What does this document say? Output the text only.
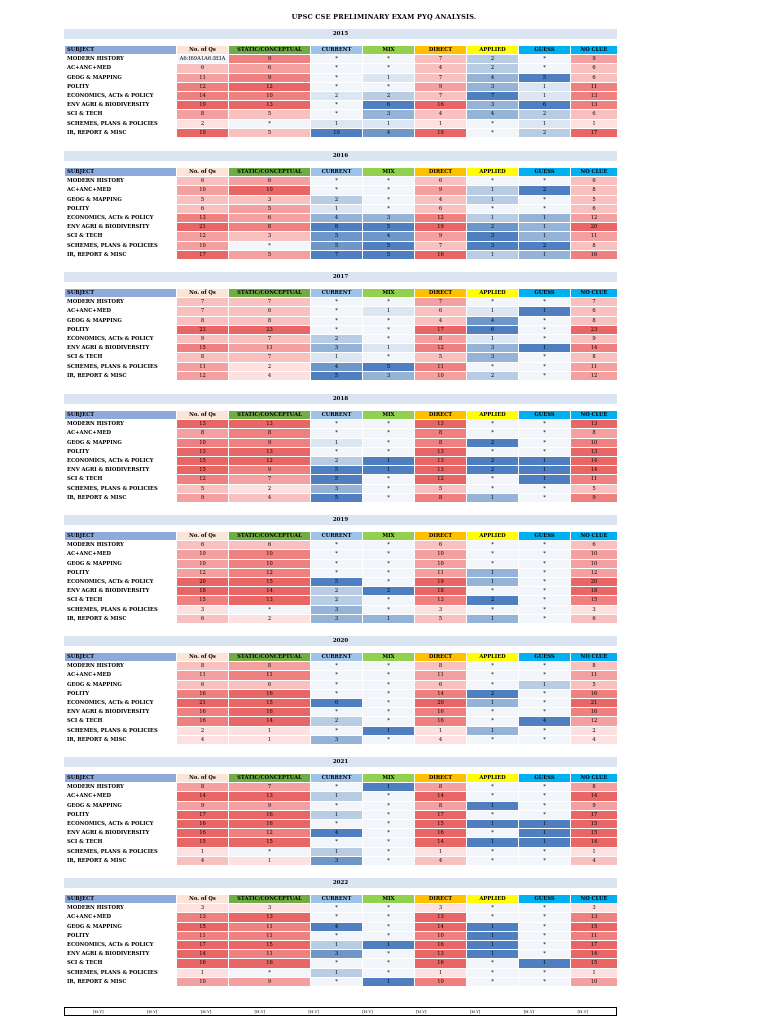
UPSC CSE PRELIMINARY EXAM PYQ ANALYSIS.
2015
SUBJECT	No. of Qs	STATIC/CONCEPTUAL	CURRENT	MIX	DIRECT	APPLIED	GUESS	NO CLUE
MODERN HISTORY	A6:I69A1A6:I83A	9	*	*	7	2	*	9
AC+ANC+MED	6	6	*	*	4	2	*	6
GEOG & MAPPING	11	9	*	1	7	4	5	6
POLITY	12	12	*	*	9	3	1	11
ECONOMICS, ACTs & POLICY	14	10	2	2	7	7	1	13
ENV AGRI & BIODIVERSITY	19	13	*	6	16	3	6	13
SCI & TECH	8	5	*	3	4	4	2	6
SCHEMES, PLANS & POLICIES	2	*	1	1	1	*	1	1
IR, REPORT & MISC	19	5	10	4	19	*	2	17
2016
SUBJECT	No. of Qs	STATIC/CONCEPTUAL	CURRENT	MIX	DIRECT	APPLIED	GUESS	NO CLUE
MODERN HISTORY	6	6	*	*	6	*	*	6
AC+ANC+MED	10	10	*	*	9	1	2	8
GEOG & MAPPING	5	3	2	*	4	1	*	5
POLITY	6	5	1	*	6	*	*	6
ECONOMICS, ACTs & POLICY	13	6	4	3	12	1	1	12
ENV AGRI & BIODIVERSITY	21	8	8	5	19	2	1	20
SCI & TECH	12	3	5	4	9	3	1	11
SCHEMES, PLANS & POLICIES	10	*	5	5	7	3	2	8
IR, REPORT & MISC	17	5	7	5	16	1	1	16
2017
SUBJECT	No. of Qs	STATIC/CONCEPTUAL	CURRENT	MIX	DIRECT	APPLIED	GUESS	NO CLUE
MODERN HISTORY	7	7	*	*	7	*	*	7
AC+ANC+MED	7	6	*	1	6	1	1	6
GEOG & MAPPING	8	8	*	*	4	4	*	8
POLITY	23	23	*	*	17	6	*	23
ECONOMICS, ACTs & POLICY	9	7	2	*	8	1	*	9
ENV AGRI & BIODIVERSITY	15	11	3	1	12	3	1	14
SCI & TECH	8	7	1	*	5	3	*	8
SCHEMES, PLANS & POLICIES	11	2	4	5	11	*	*	11
IR, REPORT & MISC	12	4	5	3	10	2	*	12
2018
SUBJECT	No. of Qs	STATIC/CONCEPTUAL	CURRENT	MIX	DIRECT	APPLIED	GUESS	NO CLUE
MODERN HISTORY	13	13	*	*	13	*	*	13
AC+ANC+MED	8	8	*	*	8	*	*	8
GEOG & MAPPING	10	9	1	*	8	2	*	10
POLITY	13	13	*	*	13	*	*	13
ECONOMICS, ACTs & POLICY	15	12	2	1	13	2	1	14
ENV AGRI & BIODIVERSITY	15	9	5	1	13	2	1	14
SCI & TECH	12	7	5	*	12	*	1	11
SCHEMES, PLANS & POLICIES	5	2	3	*	5	*	*	5
IR, REPORT & MISC	9	4	5	*	8	1	*	9
2019
SUBJECT	No. of Qs	STATIC/CONCEPTUAL	CURRENT	MIX	DIRECT	APPLIED	GUESS	NO CLUE
MODERN HISTORY	6	6	*	*	6	*	*	6
AC+ANC+MED	10	10	*	*	10	*	*	10
GEOG & MAPPING	10	10	*	*	10	*	*	10
POLITY	12	12	*	*	11	1	*	12
ECONOMICS, ACTs & POLICY	20	15	5	*	19	1	*	20
ENV AGRI & BIODIVERSITY	18	14	2	2	18	*	*	18
SCI & TECH	15	13	2	*	13	2	*	15
SCHEMES, PLANS & POLICIES	3	*	3	*	3	*	*	3
IR, REPORT & MISC	6	2	3	1	5	1	*	6
2020
SUBJECT	No. of Qs	STATIC/CONCEPTUAL	CURRENT	MIX	DIRECT	APPLIED	GUESS	NO CLUE
MODERN HISTORY	8	8	*	*	8	*	*	8
AC+ANC+MED	11	11	*	*	11	*	*	11
GEOG & MAPPING	6	6	*	*	6	*	1	5
POLITY	16	16	*	*	14	2	*	16
ECONOMICS, ACTs & POLICY	21	15	6	*	20	1	*	21
ENV AGRI & BIODIVERSITY	16	16	*	*	16	*	*	16
SCI & TECH	16	14	2	*	16	*	4	12
SCHEMES, PLANS & POLICIES	2	1	*	1	1	1	*	2
IR, REPORT & MISC	4	1	3	*	4	*	*	4
2021
SUBJECT	No. of Qs	STATIC/CONCEPTUAL	CURRENT	MIX	DIRECT	APPLIED	GUESS	NO CLUE
MODERN HISTORY	8	7	*	1	8	*	*	8
AC+ANC+MED	14	13	1	*	14	*	*	14
GEOG & MAPPING	9	9	*	*	8	1	*	9
POLITY	17	16	1	*	17	*	*	17
ECONOMICS, ACTs & POLICY	16	16	*	*	15	1	1	15
ENV AGRI & BIODIVERSITY	16	12	4	*	16	*	1	15
SCI & TECH	15	15	*	*	14	1	1	14
SCHEMES, PLANS & POLICIES	1	*	1	*	1	*	*	1
IR, REPORT & MISC	4	1	3	*	4	*	*	4
2022
SUBJECT	No. of Qs	STATIC/CONCEPTUAL	CURRENT	MIX	DIRECT	APPLIED	GUESS	NO CLUE
MODERN HISTORY	3	3	*	*	3	*	*	3
AC+ANC+MED	13	13	*	*	13	*	*	13
GEOG & MAPPING	15	11	4	*	14	1	*	15
POLITY	11	11	*	*	10	1	*	11
ECONOMICS, ACTs & POLICY	17	15	1	1	16	1	*	17
ENV AGRI & BIODIVERSITY	14	11	3	*	13	1	*	14
SCI & TECH	16	16	*	*	16	*	1	15
SCHEMES, PLANS & POLICIES	1	*	1	*	1	*	*	1
IR, REPORT & MISC	10	9	*	1	10	*	*	10
[H.Y]	[H.Y]	[H.Y]	[H.Y]	[H.Y]	[H.Y]	[H.Y]	[H.Y]	[H.Y]	[H.Y]
